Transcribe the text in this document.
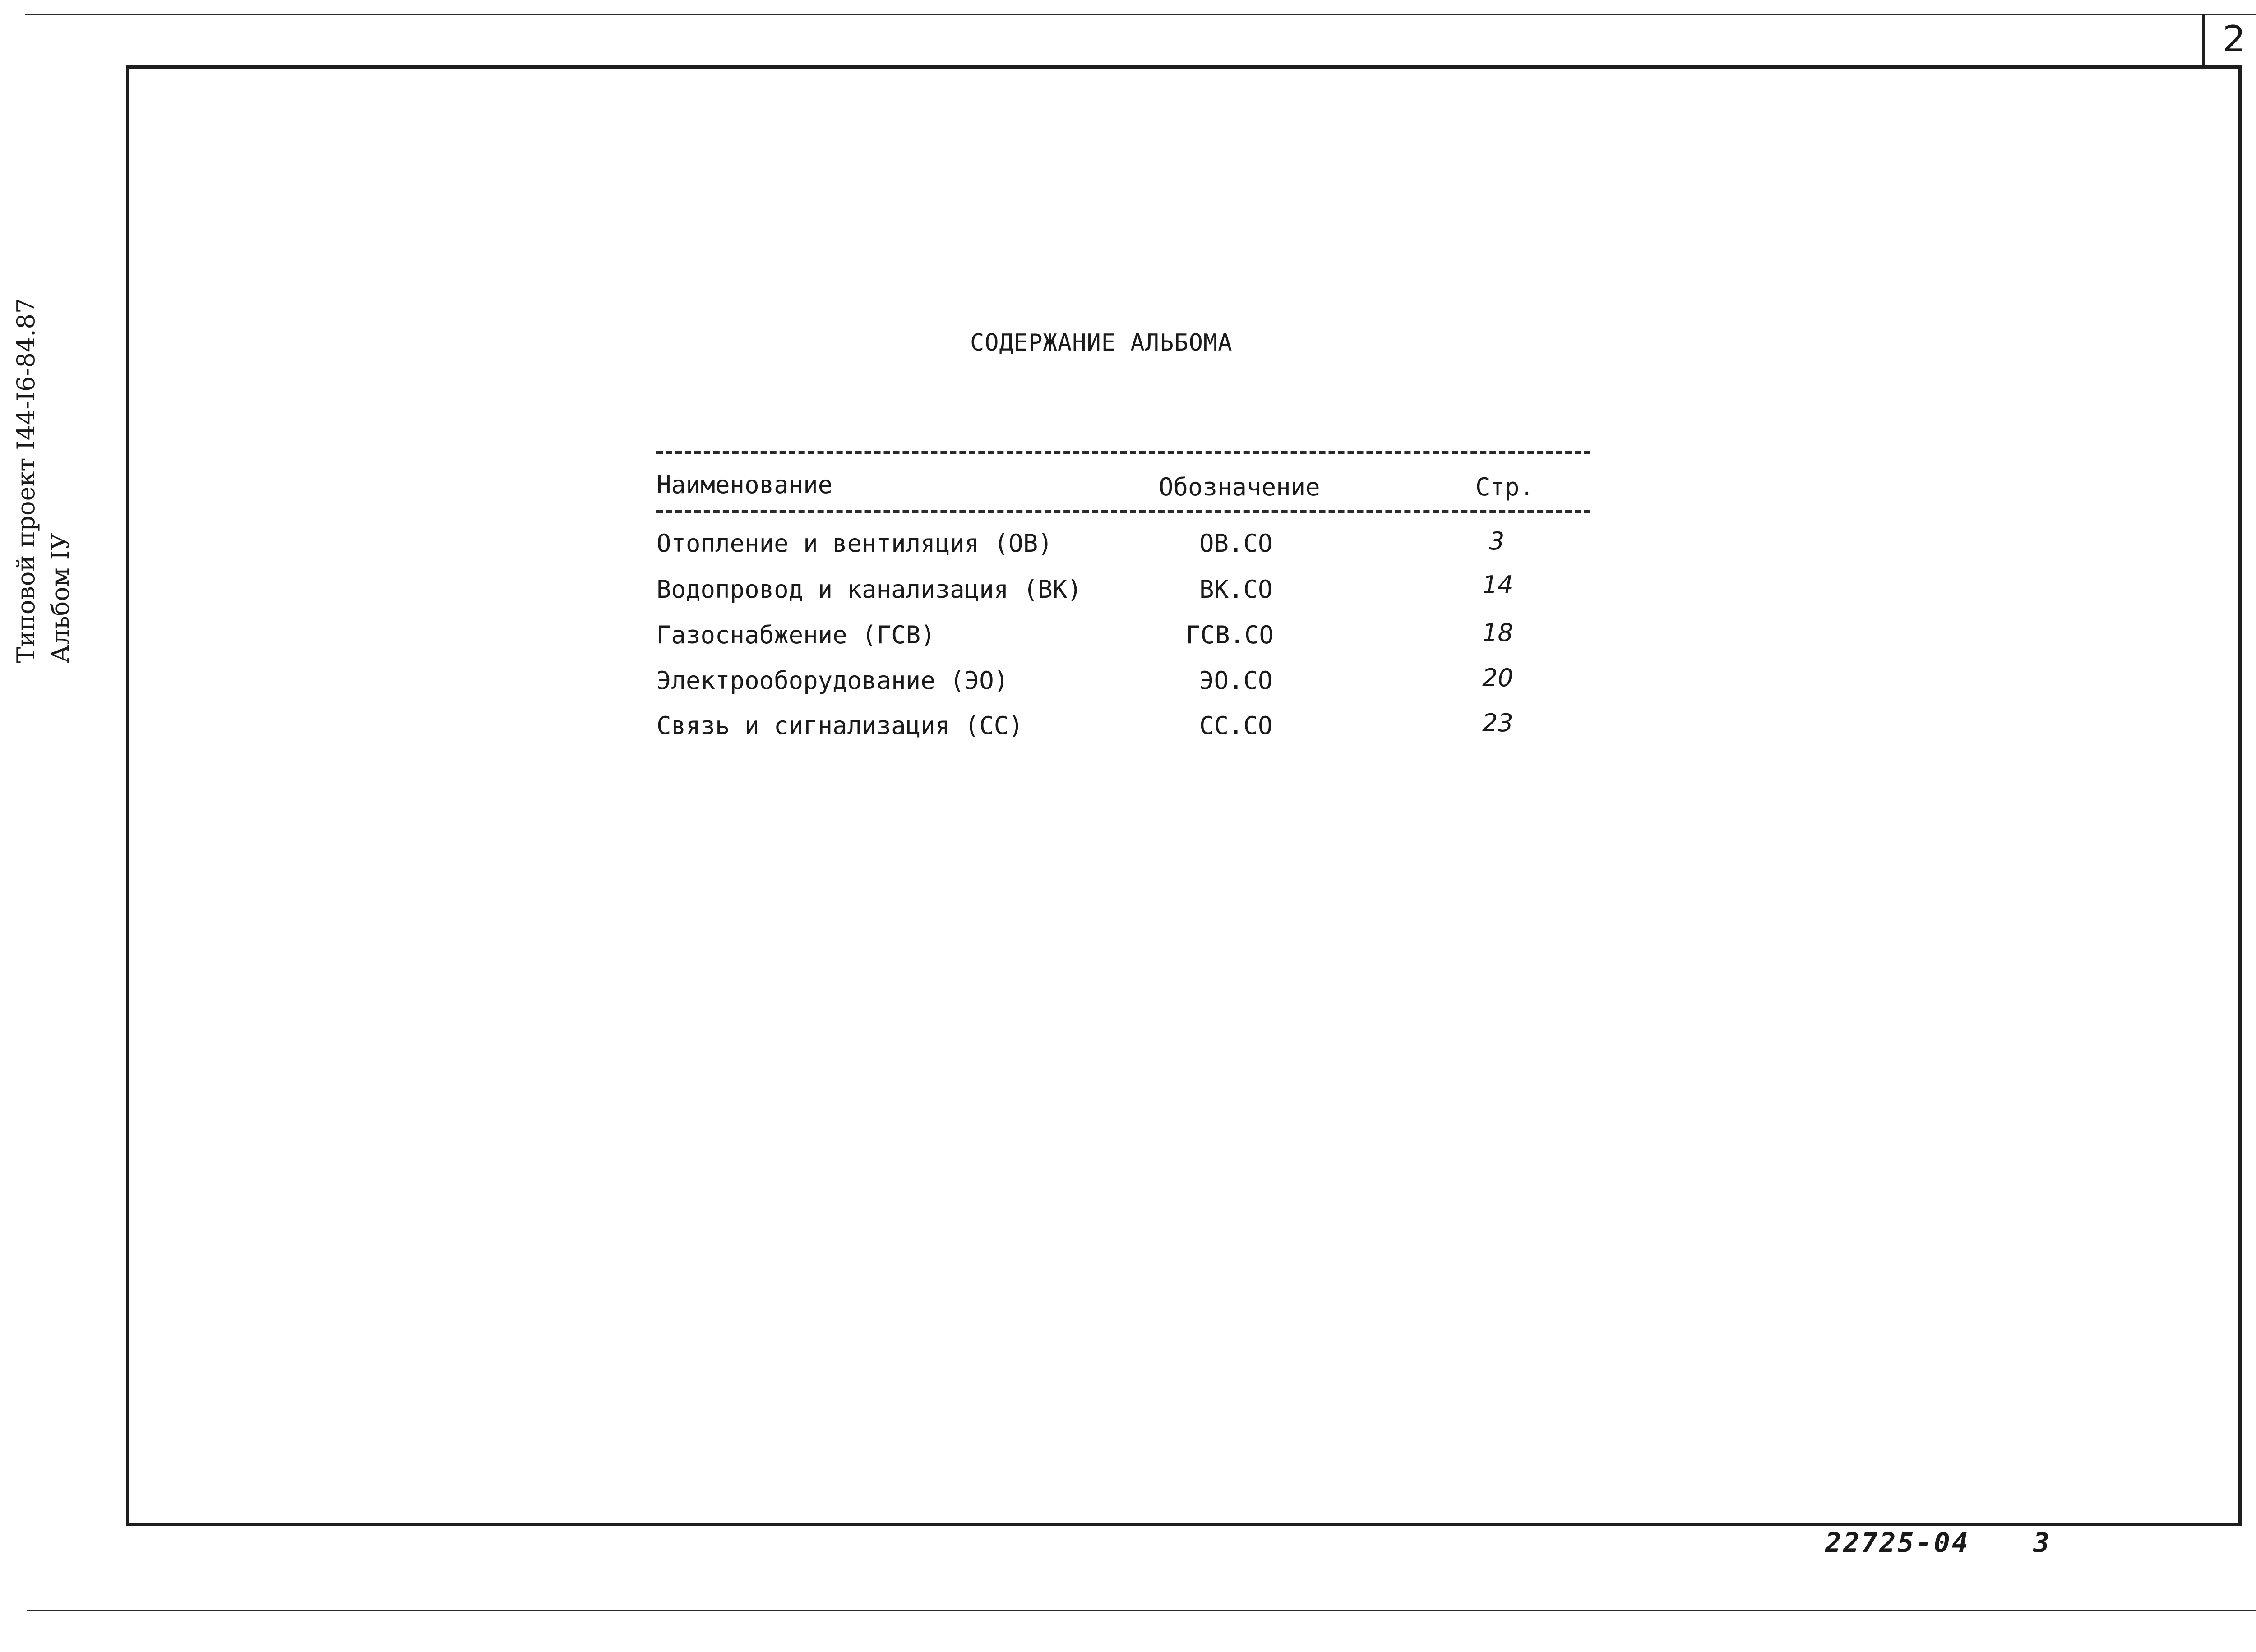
2
Типовой проект I44-I6-84.87 Альбом IУ
СОДЕРЖАНИЕ АЛЬБОМА
Наименование	Обозначение	Стр.
Отопление и вентиляция (ОВ)	ОВ.СО	3
Водопровод и канализация (ВК)	ВК.СО	14
Газоснабжение (ГСВ)	ГСВ.СО	18
Электрооборудование (ЭО)	ЭО.СО	20
Связь и сигнализация (СС)	СС.СО	23
22725-04 3
